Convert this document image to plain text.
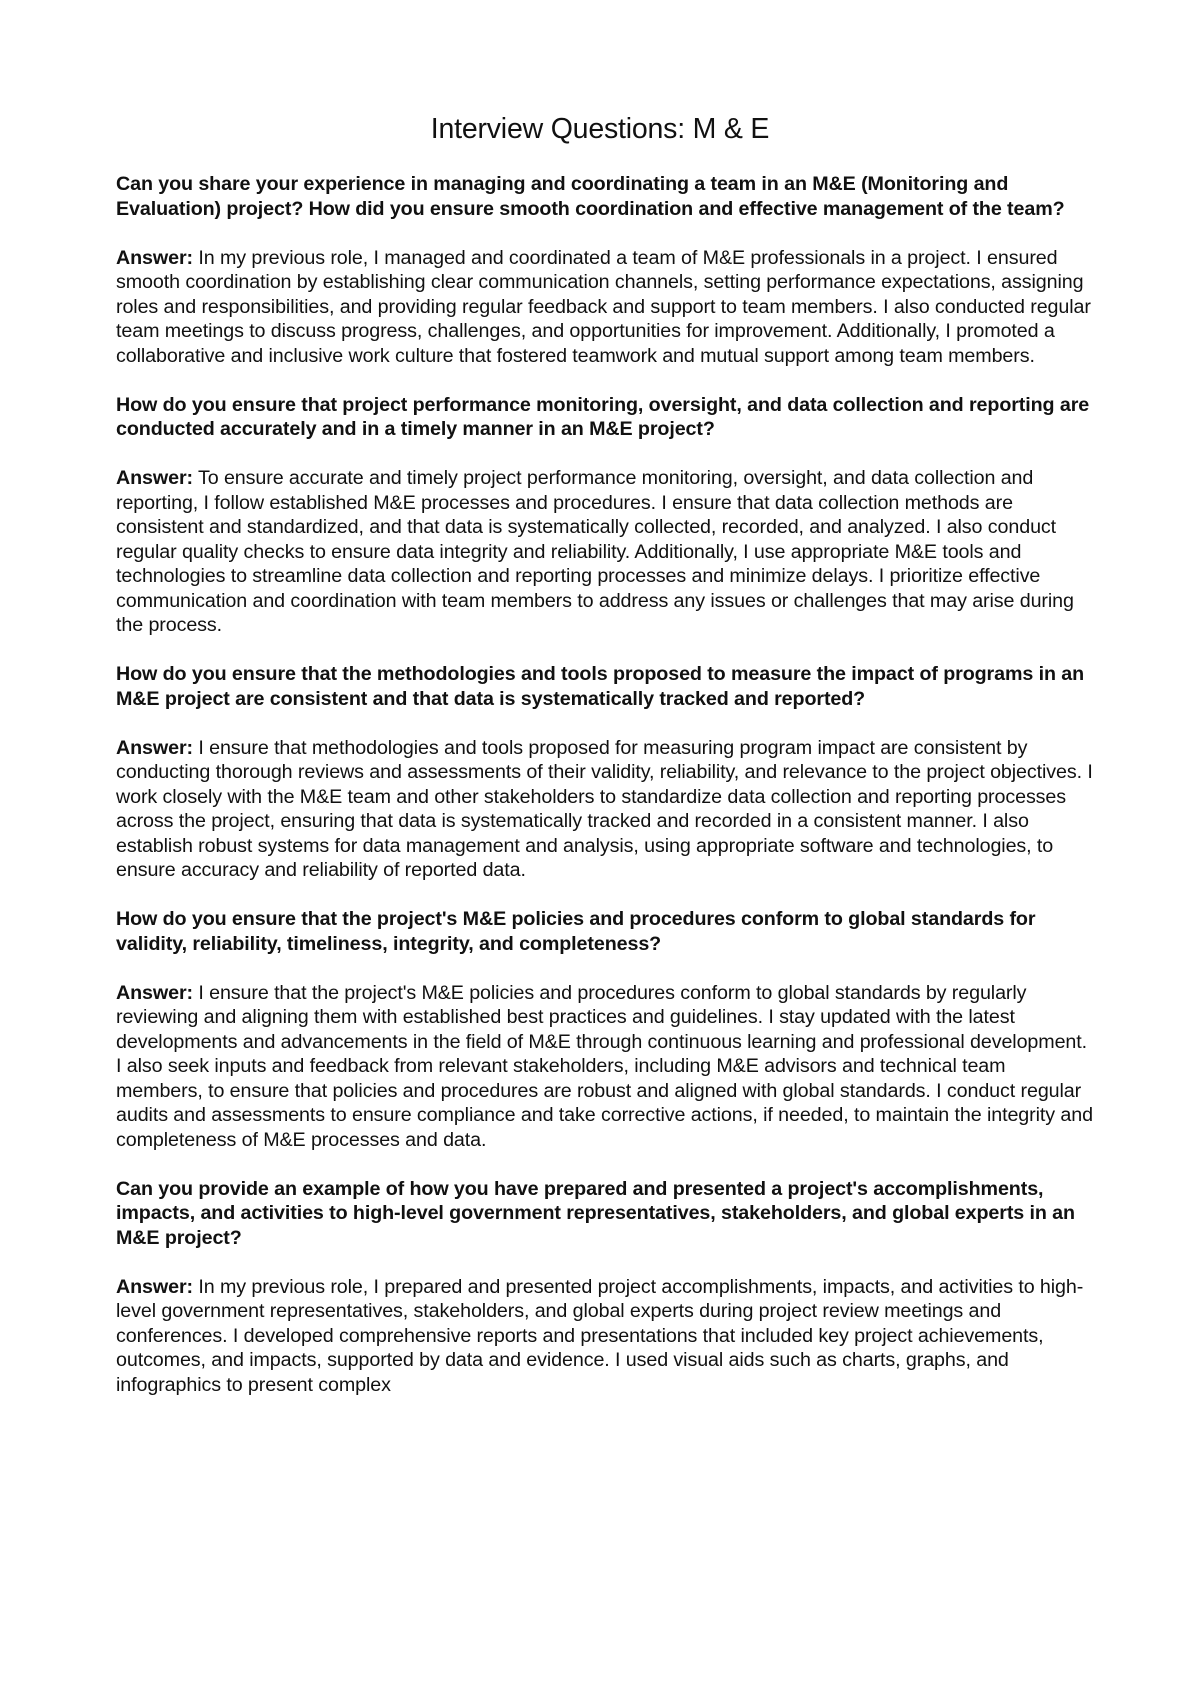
Interview Questions: M & E

Can you share your experience in managing and coordinating a team in an M&E (Monitoring and Evaluation) project? How did you ensure smooth coordination and effective management of the team?

Answer: In my previous role, I managed and coordinated a team of M&E professionals in a project. I ensured smooth coordination by establishing clear communication channels, setting performance expectations, assigning roles and responsibilities, and providing regular feedback and support to team members. I also conducted regular team meetings to discuss progress, challenges, and opportunities for improvement. Additionally, I promoted a collaborative and inclusive work culture that fostered teamwork and mutual support among team members.

How do you ensure that project performance monitoring, oversight, and data collection and reporting are conducted accurately and in a timely manner in an M&E project?

Answer: To ensure accurate and timely project performance monitoring, oversight, and data collection and reporting, I follow established M&E processes and procedures. I ensure that data collection methods are consistent and standardized, and that data is systematically collected, recorded, and analyzed. I also conduct regular quality checks to ensure data integrity and reliability. Additionally, I use appropriate M&E tools and technologies to streamline data collection and reporting processes and minimize delays. I prioritize effective communication and coordination with team members to address any issues or challenges that may arise during the process.

How do you ensure that the methodologies and tools proposed to measure the impact of programs in an M&E project are consistent and that data is systematically tracked and reported?

Answer: I ensure that methodologies and tools proposed for measuring program impact are consistent by conducting thorough reviews and assessments of their validity, reliability, and relevance to the project objectives. I work closely with the M&E team and other stakeholders to standardize data collection and reporting processes across the project, ensuring that data is systematically tracked and recorded in a consistent manner. I also establish robust systems for data management and analysis, using appropriate software and technologies, to ensure accuracy and reliability of reported data.

How do you ensure that the project's M&E policies and procedures conform to global standards for validity, reliability, timeliness, integrity, and completeness?

Answer: I ensure that the project's M&E policies and procedures conform to global standards by regularly reviewing and aligning them with established best practices and guidelines. I stay updated with the latest developments and advancements in the field of M&E through continuous learning and professional development. I also seek inputs and feedback from relevant stakeholders, including M&E advisors and technical team members, to ensure that policies and procedures are robust and aligned with global standards. I conduct regular audits and assessments to ensure compliance and take corrective actions, if needed, to maintain the integrity and completeness of M&E processes and data.

Can you provide an example of how you have prepared and presented a project's accomplishments, impacts, and activities to high-level government representatives, stakeholders, and global experts in an M&E project?

Answer: In my previous role, I prepared and presented project accomplishments, impacts, and activities to high-level government representatives, stakeholders, and global experts during project review meetings and conferences. I developed comprehensive reports and presentations that included key project achievements, outcomes, and impacts, supported by data and evidence. I used visual aids such as charts, graphs, and infographics to present complex
